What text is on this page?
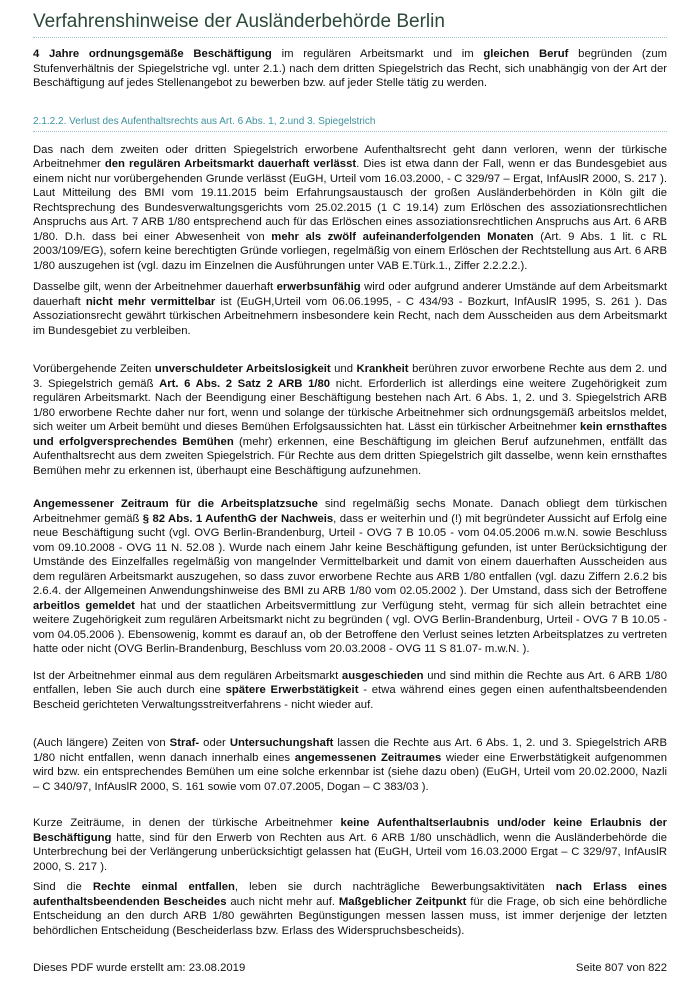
Verfahrenshinweise der Ausländerbehörde Berlin

4 Jahre ordnungsgemäße Beschäftigung im regulären Arbeitsmarkt und im gleichen Beruf begründen (zum Stufenverhältnis der Spiegelstriche vgl. unter 2.1.) nach dem dritten Spiegelstrich das Recht, sich unabhängig von der Art der Beschäftigung auf jedes Stellenangebot zu bewerben bzw. auf jeder Stelle tätig zu werden.

2.1.2.2. Verlust des Aufenthaltsrechts aus Art. 6 Abs. 1, 2.und 3. Spiegelstrich

Das nach dem zweiten oder dritten Spiegelstrich erworbene Aufenthaltsrecht geht dann verloren, wenn der türkische Arbeitnehmer den regulären Arbeitsmarkt dauerhaft verlässt. Dies ist etwa dann der Fall, wenn er das Bundesgebiet aus einem nicht nur vorübergehenden Grunde verlässt (EuGH, Urteil vom 16.03.2000, - C 329/97 – Ergat, InfAuslR 2000, S. 217 ). Laut Mitteilung des BMI vom 19.11.2015 beim Erfahrungsaustausch der großen Ausländerbehörden in Köln gilt die Rechtsprechung des Bundesverwaltungsgerichts vom 25.02.2015 (1 C 19.14) zum Erlöschen des assoziationsrechtlichen Anspruchs aus Art. 7 ARB 1/80 entsprechend auch für das Erlöschen eines assoziationsrechtlichen Anspruchs aus Art. 6 ARB 1/80. D.h. dass bei einer Abwesenheit von mehr als zwölf aufeinanderfolgenden Monaten (Art. 9 Abs. 1 lit. c RL 2003/109/EG), sofern keine berechtigten Gründe vorliegen, regelmäßig von einem Erlöschen der Rechtstellung aus Art. 6 ARB 1/80 auszugehen ist (vgl. dazu im Einzelnen die Ausführungen unter VAB E.Türk.1., Ziffer 2.2.2.2.).

Dasselbe gilt, wenn der Arbeitnehmer dauerhaft erwerbsunfähig wird oder aufgrund anderer Umstände auf dem Arbeitsmarkt dauerhaft nicht mehr vermittelbar ist (EuGH,Urteil vom 06.06.1995, - C 434/93 - Bozkurt, InfAuslR 1995, S. 261 ). Das Assoziationsrecht gewährt türkischen Arbeitnehmern insbesondere kein Recht, nach dem Ausscheiden aus dem Arbeitsmarkt im Bundesgebiet zu verbleiben.

Vorübergehende Zeiten unverschuldeter Arbeitslosigkeit und Krankheit berühren zuvor erworbene Rechte aus dem 2. und 3. Spiegelstrich gemäß Art. 6 Abs. 2 Satz 2 ARB 1/80 nicht. Erforderlich ist allerdings eine weitere Zugehörigkeit zum regulären Arbeitsmarkt. Nach der Beendigung einer Beschäftigung bestehen nach Art. 6 Abs. 1, 2. und 3. Spiegelstrich ARB 1/80 erworbene Rechte daher nur fort, wenn und solange der türkische Arbeitnehmer sich ordnungsgemäß arbeitslos meldet, sich weiter um Arbeit bemüht und dieses Bemühen Erfolgsaussichten hat. Lässt ein türkischer Arbeitnehmer kein ernsthaftes und erfolgversprechendes Bemühen (mehr) erkennen, eine Beschäftigung im gleichen Beruf aufzunehmen, entfällt das Aufenthaltsrecht aus dem zweiten Spiegelstrich. Für Rechte aus dem dritten Spiegelstrich gilt dasselbe, wenn kein ernsthaftes Bemühen mehr zu erkennen ist, überhaupt eine Beschäftigung aufzunehmen.

Angemessener Zeitraum für die Arbeitsplatzsuche sind regelmäßig sechs Monate. Danach obliegt dem türkischen Arbeitnehmer gemäß § 82 Abs. 1 AufenthG der Nachweis, dass er weiterhin und (!) mit begründeter Aussicht auf Erfolg eine neue Beschäftigung sucht (vgl. OVG Berlin-Brandenburg, Urteil - OVG 7 B 10.05 - vom 04.05.2006 m.w.N. sowie Beschluss vom 09.10.2008 - OVG 11 N. 52.08 ). Wurde nach einem Jahr keine Beschäftigung gefunden, ist unter Berücksichtigung der Umstände des Einzelfalles regelmäßig von mangelnder Vermittelbarkeit und damit von einem dauerhaften Ausscheiden aus dem regulären Arbeitsmarkt auszugehen, so dass zuvor erworbene Rechte aus ARB 1/80 entfallen (vgl. dazu Ziffern 2.6.2 bis 2.6.4. der Allgemeinen Anwendungshinweise des BMI zu ARB 1/80 vom 02.05.2002 ). Der Umstand, dass sich der Betroffene arbeitlos gemeldet hat und der staatlichen Arbeitsvermittlung zur Verfügung steht, vermag für sich allein betrachtet eine weitere Zugehörigkeit zum regulären Arbeitsmarkt nicht zu begründen ( vgl. OVG Berlin-Brandenburg, Urteil - OVG 7 B 10.05 - vom 04.05.2006 ). Ebensowenig, kommt es darauf an, ob der Betroffene den Verlust seines letzten Arbeitsplatzes zu vertreten hatte oder nicht (OVG Berlin-Brandenburg, Beschluss vom 20.03.2008 - OVG 11 S 81.07- m.w.N. ).

Ist der Arbeitnehmer einmal aus dem regulären Arbeitsmarkt ausgeschieden und sind mithin die Rechte aus Art. 6 ARB 1/80 entfallen, leben Sie auch durch eine spätere Erwerbstätigkeit - etwa während eines gegen einen aufenthaltsbeendenden Bescheid gerichteten Verwaltungsstreitverfahrens - nicht wieder auf.

(Auch längere) Zeiten von Straf- oder Untersuchungshaft lassen die Rechte aus Art. 6 Abs. 1, 2. und 3. Spiegelstrich ARB 1/80 nicht entfallen, wenn danach innerhalb eines angemessenen Zeitraumes wieder eine Erwerbstätigkeit aufgenommen wird bzw. ein entsprechendes Bemühen um eine solche erkennbar ist (siehe dazu oben) (EuGH, Urteil vom 20.02.2000, Nazli – C 340/97, InfAuslR 2000, S. 161 sowie vom 07.07.2005, Dogan – C 383/03 ).

Kurze Zeiträume, in denen der türkische Arbeitnehmer keine Aufenthaltserlaubnis und/oder keine Erlaubnis der Beschäftigung hatte, sind für den Erwerb von Rechten aus Art. 6 ARB 1/80 unschädlich, wenn die Ausländerbehörde die Unterbrechung bei der Verlängerung unberücksichtigt gelassen hat (EuGH, Urteil vom 16.03.2000 Ergat – C 329/97, InfAuslR 2000, S. 217 ).

Sind die Rechte einmal entfallen, leben sie durch nachträgliche Bewerbungsaktivitäten nach Erlass eines aufenthaltsbeendenden Bescheides auch nicht mehr auf. Maßgeblicher Zeitpunkt für die Frage, ob sich eine behördliche Entscheidung an den durch ARB 1/80 gewährten Begünstigungen messen lassen muss, ist immer derjenige der letzten behördlichen Entscheidung (Bescheiderlass bzw. Erlass des Widerspruchsbescheids).

Dieses PDF wurde erstellt am: 23.08.2019	Seite 807 von 822
